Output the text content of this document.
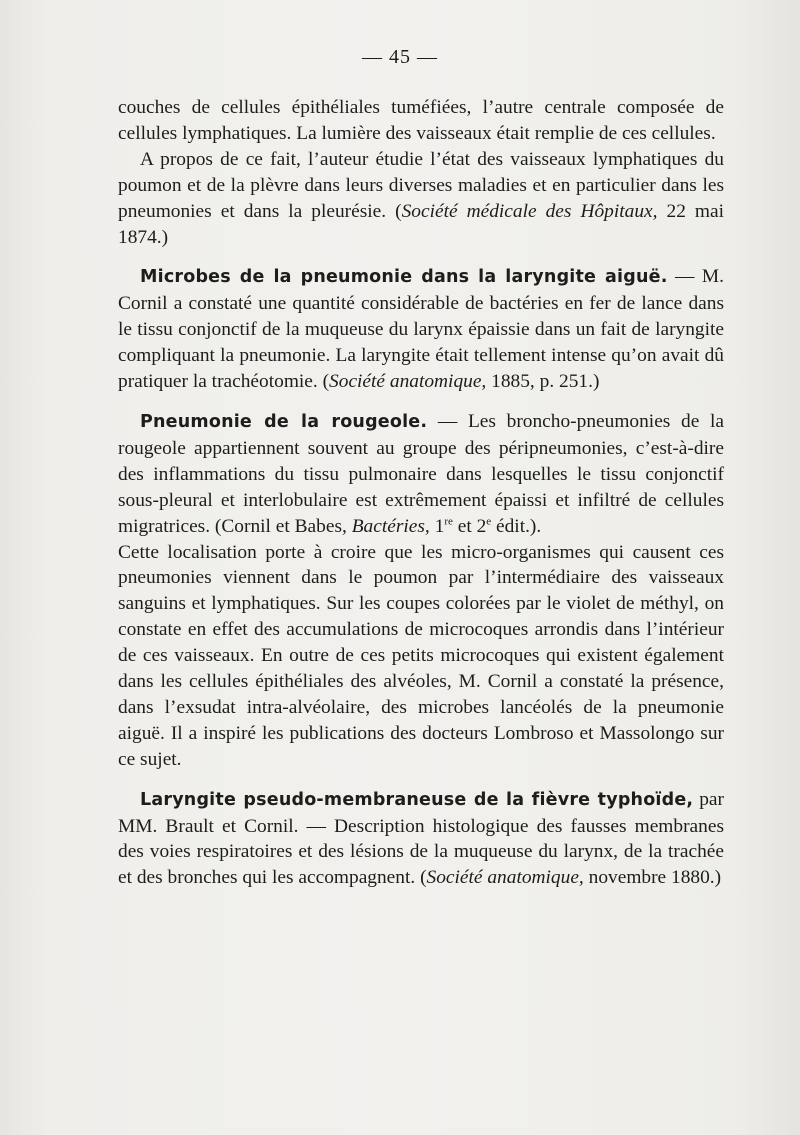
— 45 —

couches de cellules épithéliales tuméfiées, l’autre centrale composée de cellules lymphatiques. La lumière des vaisseaux était remplie de ces cellules.

A propos de ce fait, l’auteur étudie l’état des vaisseaux lymphatiques du poumon et de la plèvre dans leurs diverses maladies et en particulier dans les pneumonies et dans la pleurésie. (Société médicale des Hôpitaux, 22 mai 1874.)

Microbes de la pneumonie dans la laryngite aiguë. — M. Cornil a constaté une quantité considérable de bactéries en fer de lance dans le tissu conjonctif de la muqueuse du larynx épaissie dans un fait de laryngite compliquant la pneumonie. La laryngite était tellement intense qu’on avait dû pratiquer la trachéotomie. (Société anatomique, 1885, p. 251.)

Pneumonie de la rougeole. — Les broncho-pneumonies de la rougeole appartiennent souvent au groupe des péripneumonies, c’est-à-dire des inflammations du tissu pulmonaire dans lesquelles le tissu conjonctif sous-pleural et interlobulaire est extrêmement épaissi et infiltré de cellules migratrices. (Cornil et Babes, Bactéries, 1re et 2e édit.).

Cette localisation porte à croire que les micro-organismes qui causent ces pneumonies viennent dans le poumon par l’intermédiaire des vaisseaux sanguins et lymphatiques. Sur les coupes colorées par le violet de méthyl, on constate en effet des accumulations de microcoques arrondis dans l’intérieur de ces vaisseaux. En outre de ces petits microcoques qui existent également dans les cellules épithéliales des alvéoles, M. Cornil a constaté la présence, dans l’exsudat intra-alvéolaire, des microbes lancéolés de la pneumonie aiguë. Il a inspiré les publications des docteurs Lombroso et Massolongo sur ce sujet.

Laryngite pseudo-membraneuse de la fièvre typhoïde, par MM. Brault et Cornil. — Description histologique des fausses membranes des voies respiratoires et des lésions de la muqueuse du larynx, de la trachée et des bronches qui les accompagnent. (Société anatomique, novembre 1880.)
